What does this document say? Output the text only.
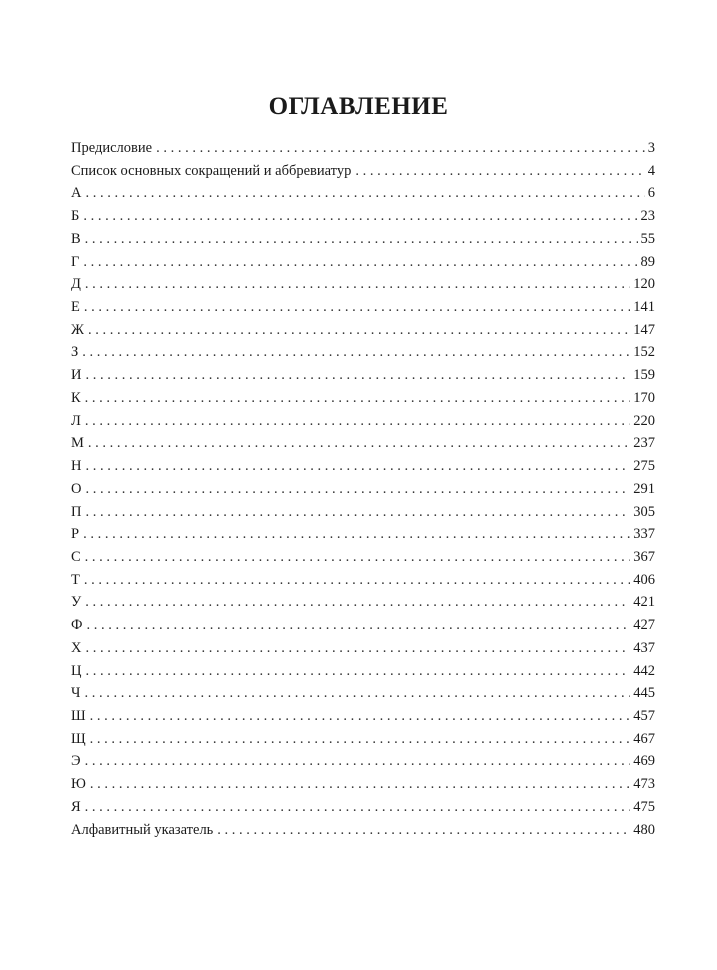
ОГЛАВЛЕНИЕ
Предисловие . . .	3
Список основных сокращений и аббревиатур . . .	4
А . . .	6
Б . . .	23
В . . .	55
Г . . .	89
Д . . .	120
Е . . .	141
Ж . . .	147
З . . .	152
И . . .	159
К . . .	170
Л . . .	220
М . . .	237
Н . . .	275
О . . .	291
П . . .	305
Р . . .	337
С . . .	367
Т . . .	406
У . . .	421
Ф . . .	427
Х . . .	437
Ц . . .	442
Ч . . .	445
Ш . . .	457
Щ . . .	467
Э . . .	469
Ю . . .	473
Я . . .	475
Алфавитный указатель . . .	480
